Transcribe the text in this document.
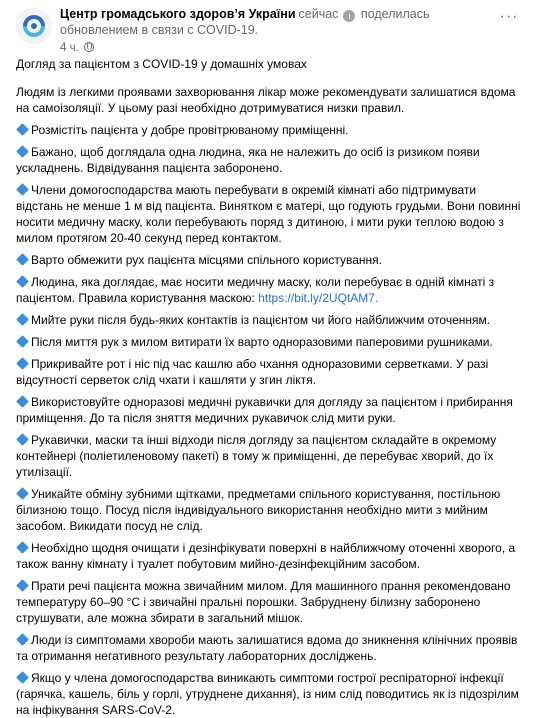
Центр громадського здоров’я України сейчас i поделилась обновлением в связи с COVID-19.
4 ч.
···

Догляд за пацієнтом з COVID-19 у домашніх умовах

Людям із легкими проявами захворювання лікар може рекомендувати залишатися вдома на самоізоляції. У цьому разі необхідно дотримуватися низки правил.

Розмістіть пацієнта у добре провітрюваному приміщенні.

Бажано, щоб доглядала одна людина, яка не належить до осіб із ризиком появи ускладнень. Відвідування пацієнта заборонено.

Члени домогосподарства мають перебувати в окремій кімнаті або підтримувати відстань не менше 1 м від пацієнта. Винятком є матері, що годують грудьми. Вони повинні носити медичну маску, коли перебувають поряд з дитиною, і мити руки теплою водою з милом протягом 20-40 секунд перед контактом.

Варто обмежити рух пацієнта місцями спільного користування.

Людина, яка доглядає, має носити медичну маску, коли перебуває в одній кімнаті з пацієнтом. Правила користування маскою: https://bit.ly/2UQtAM7.

Мийте руки після будь-яких контактів із пацієнтом чи його найближчим оточенням.

Після миття рук з милом витирати їх варто одноразовими паперовими рушниками.

Прикривайте рот і ніс під час кашлю або чхання одноразовими серветками. У разі відсутності серветок слід чхати і кашляти у згин ліктя.

Використовуйте одноразові медичні рукавички для догляду за пацієнтом і прибирання приміщення. До та після зняття медичних рукавичок слід мити руки.

Рукавички, маски та інші відходи після догляду за пацієнтом складайте в окремому контейнері (поліетиленовому пакеті) в тому ж приміщенні, де перебуває хворий, до їх утилізації.

Уникайте обміну зубними щітками, предметами спільного користування, постільною білизною тощо. Посуд після індивідуального використання необхідно мити з мийним засобом. Викидати посуд не слід.

Необхідно щодня очищати і дезінфікувати поверхні в найближчому оточенні хворого, а також ванну кімнату і туалет побутовим мийно-дезінфекційним засобом.

Прати речі пацієнта можна звичайним милом. Для машинного прання рекомендовано температуру 60–90 °С і звичайні пральні порошки. Забруднену білизну заборонено струшувати, але можна збирати в загальний мішок.

Люди із симптомами хвороби мають залишатися вдома до зникнення клінічних проявів та отримання негативного результату лабораторних досліджень.

Якщо у члена домогосподарства виникають симптоми гострої респіраторної інфекції (гарячка, кашель, біль у горлі, утруднене дихання), із ним слід поводитись як із підозрілим на інфікування SARS-CoV-2.
